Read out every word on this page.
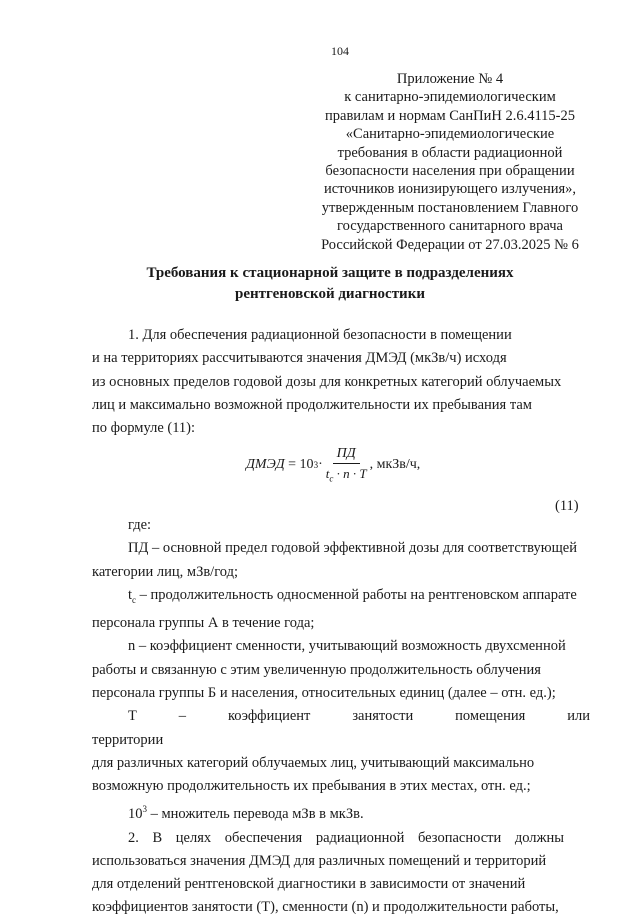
104
Приложение № 4
к санитарно-эпидемиологическим
правилам и нормам СанПиН 2.6.4115-25
«Санитарно-эпидемиологические
требования в области радиационной
безопасности населения при обращении
источников ионизирующего излучения»,
утвержденным постановлением Главного
государственного санитарного врача
Российской Федерации от 27.03.2025 № 6
Требования к стационарной защите в подразделениях
рентгеновской диагностики
1. Для обеспечения радиационной безопасности в помещении
и на территориях рассчитываются значения ДМЭД (мкЗв/ч) исходя
из основных пределов годовой дозы для конкретных категорий облучаемых
лиц и максимально возможной продолжительности их пребывания там
по формуле (11):
ДМЭД
= 10 $3 \cdot \frac{ПД}{t_c \cdot n \cdot T}$ , мкЗв/ч,
(11)
где:
ПД – основной предел годовой эффективной дозы для соответствующей
категории лиц, мЗв/год;
$t_c$ – продолжительность односменной работы на рентгеновском аппарате
персонала группы А в течение года;
n – коэффициент сменности, учитывающий возможность двухсменной
работы и связанную с этим увеличенную продолжительность облучения
персонала группы Б и населения, относительных единиц (далее – отн. ед.);
Т – коэффициент занятости помещения или территории
для различных категорий облучаемых лиц, учитывающий максимально
возможную продолжительность их пребывания в этих местах, отн. ед.;
$10^3$ – множитель перевода мЗв в мкЗв.
2. В целях обеспечения радиационной безопасности должны
использоваться значения ДМЭД для различных помещений и территорий
для отделений рентгеновской диагностики в зависимости от значений
коэффициентов занятости (Т), сменности (n) и продолжительности работы,
